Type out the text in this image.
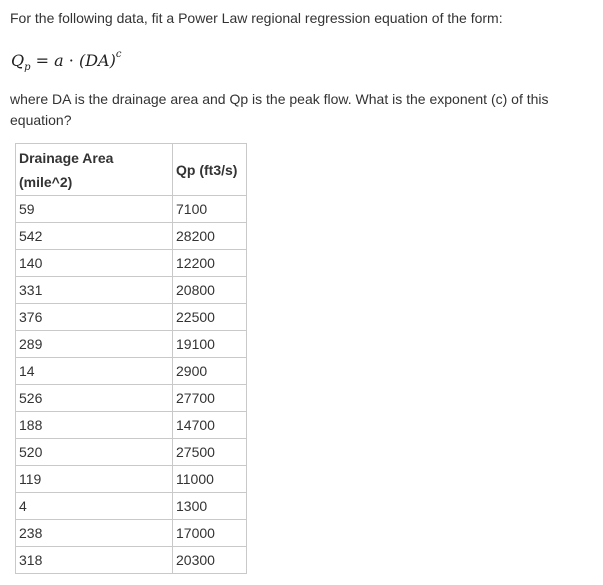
For the following data, fit a Power Law regional regression equation of the form:

$Q_p = a \cdot (DA)^c$

where DA is the drainage area and Qp is the peak flow. What is the exponent (c) of this equation?

Drainage Area (mile^2)	Qp (ft3/s)
59	7100
542	28200
140	12200
331	20800
376	22500
289	19100
14	2900
526	27700
188	14700
520	27500
119	11000
4	1300
238	17000
318	20300
